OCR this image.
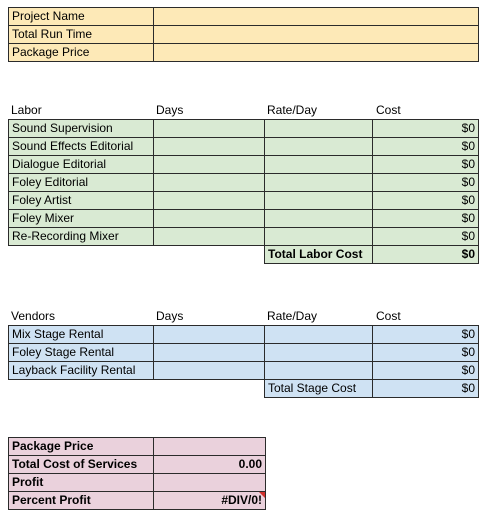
Project Name	
Total Run Time	
Package Price	
Labor	Days	Rate/Day	Cost
Sound Supervision			$0
Sound Effects Editorial			$0
Dialogue Editorial			$0
Foley Editorial			$0
Foley Artist			$0
Foley Mixer			$0
Re-Recording Mixer			$0
		Total Labor Cost	$0
Vendors	Days	Rate/Day	Cost
Mix Stage Rental			$0
Foley Stage Rental			$0
Layback Facility Rental			$0
		Total Stage Cost	$0
Package Price	
Total Cost of Services	0.00
Profit	
Percent Profit	#DIV/0!
